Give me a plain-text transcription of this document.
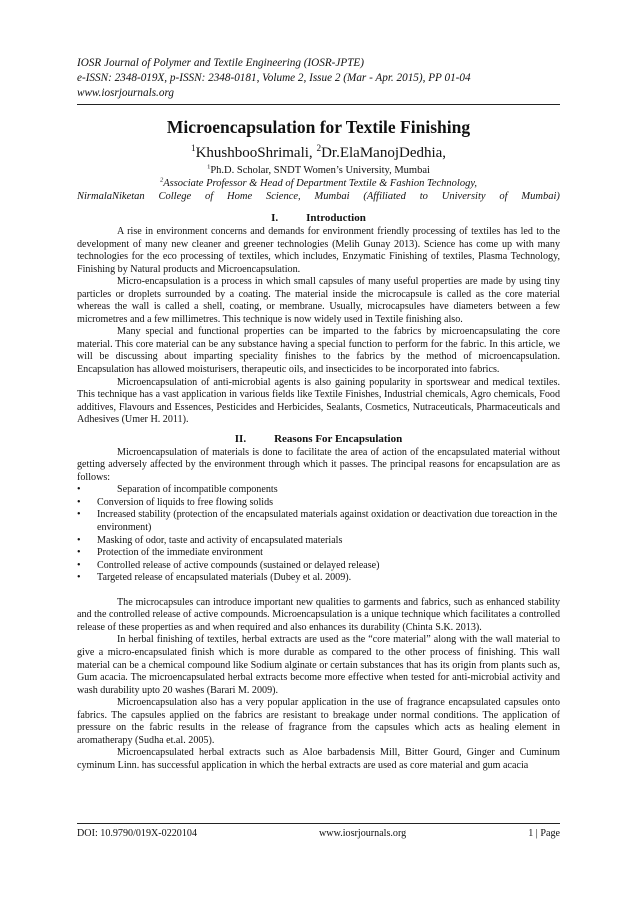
IOSR Journal of Polymer and Textile Engineering (IOSR-JPTE)
e-ISSN: 2348-019X, p-ISSN: 2348-0181, Volume 2, Issue 2 (Mar - Apr. 2015), PP 01-04
www.iosrjournals.org
Microencapsulation for Textile Finishing
$^1$KhushbooShrimali, $^2$Dr.ElaManojDedhia,
$^1$Ph.D. Scholar, SNDT Women’s University, Mumbai
$^2$Associate Professor & Head of Department Textile & Fashion Technology,
NirmalaNiketan College of Home Science, Mumbai (Affiliated to University of Mumbai)
I.	Introduction

A rise in environment concerns and demands for environment friendly processing of textiles has led to the development of many new cleaner and greener technologies (Melih Gunay 2013). Science has come up with many technologies for the eco processing of textiles, which includes, Enzymatic Finishing of textiles, Plasma Technology, Finishing by Natural products and Microencapsulation.

Micro-encapsulation is a process in which small capsules of many useful properties are made by using tiny particles or droplets surrounded by a coating. The material inside the microcapsule is called as the core material whereas the wall is called a shell, coating, or membrane. Usually, microcapsules have diameters between a few micrometres and a few millimetres. This technique is now widely used in Textile finishing also.

Many special and functional properties can be imparted to the fabrics by microencapsulating the core material. This core material can be any substance having a special function to perform for the fabric. In this article, we will be discussing about imparting speciality finishes to the fabrics by the method of microencapsulation. Encapsulation has allowed moisturisers, therapeutic oils, and insecticides to be incorporated into fabrics.

Microencapsulation of anti-microbial agents is also gaining popularity in sportswear and medical textiles. This technique has a vast application in various fields like Textile Finishes, Industrial chemicals, Agro chemicals, Food additives, Flavours and Essences, Pesticides and Herbicides, Sealants, Cosmetics, Nutraceuticals, Pharmaceuticals and Adhesives (Umer H. 2011).

II.	Reasons For Encapsulation

Microencapsulation of materials is done to facilitate the area of action of the encapsulated material without getting adversely affected by the environment through which it passes. The principal reasons for encapsulation are as follows:

•	Separation of incompatible components
• Conversion of liquids to free flowing solids
• Increased stability (protection of the encapsulated materials against oxidation or deactivation due toreaction in the environment)
• Masking of odor, taste and activity of encapsulated materials
• Protection of the immediate environment
• Controlled release of active compounds (sustained or delayed release)
• Targeted release of encapsulated materials (Dubey et al. 2009).

The microcapsules can introduce important new qualities to garments and fabrics, such as enhanced stability and the controlled release of active compounds. Microencapsulation is a unique technique which facilitates a controlled release of these properties as and when required and also enhances its durability (Chinta S.K. 2013).

In herbal finishing of textiles, herbal extracts are used as the “core material” along with the wall material to give a micro-encapsulated finish which is more durable as compared to the other process of finishing. This wall material can be a chemical compound like Sodium alginate or certain substances that has its origin from plants such as, Gum acacia. The microencapsulated herbal extracts become more effective when tested for anti-microbial activity and wash durability upto 20 washes (Barari M. 2009).

Microencapsulation also has a very popular application in the use of fragrance encapsulated capsules onto fabrics. The capsules applied on the fabrics are resistant to breakage under normal conditions. The application of pressure on the fabric results in the release of fragrance from the capsules which acts as healing element in aromatherapy (Sudha et.al. 2005).

Microencapsulated herbal extracts such as Aloe barbadensis Mill, Bitter Gourd, Ginger and Cuminum cyminum Linn. has successful application in which the herbal extracts are used as core material and gum acacia

DOI: 10.9790/019X-0220104	www.iosrjournals.org	1 | Page
